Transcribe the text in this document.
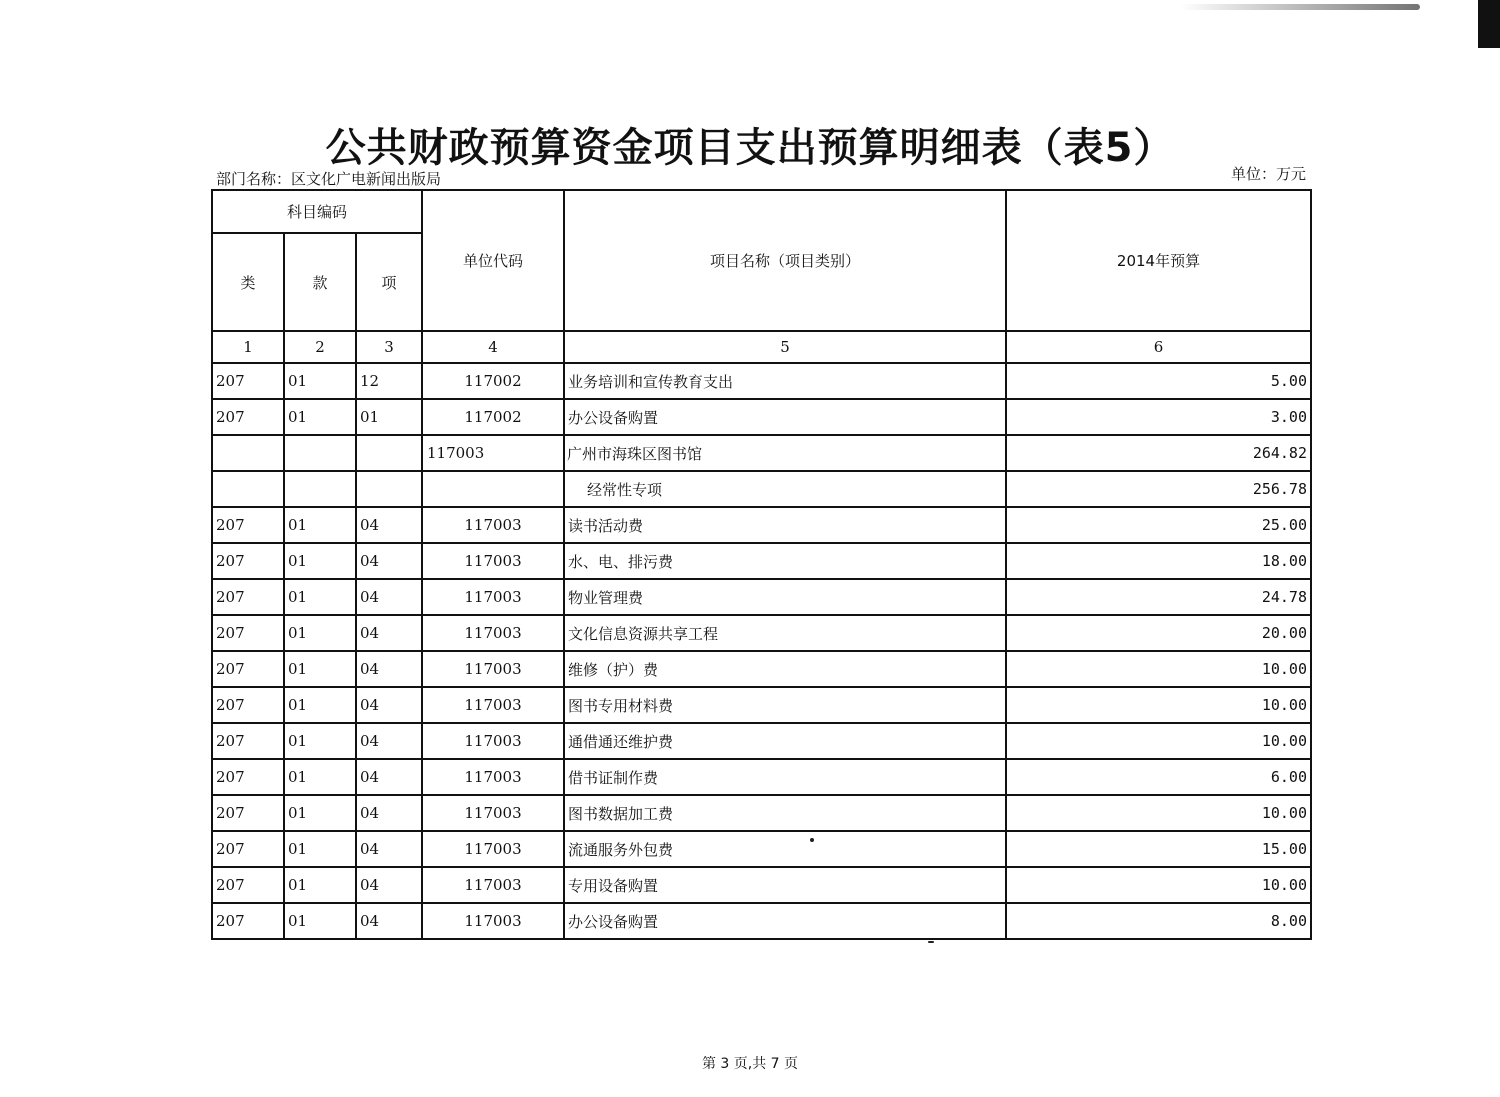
公共财政预算资金项目支出预算明细表（表5）
部门名称：区文化广电新闻出版局	单位：万元
科目编码			单位代码	项目名称（项目类别）	2014年预算
类	款	项			
1	2	3	4	5	6
207	01	12	117002	业务培训和宣传教育支出	5.00
207	01	01	117002	办公设备购置	3.00
			117003	广州市海珠区图书馆	264.82
				经常性专项	256.78
207	01	04	117003	读书活动费	25.00
207	01	04	117003	水、电、排污费	18.00
207	01	04	117003	物业管理费	24.78
207	01	04	117003	文化信息资源共享工程	20.00
207	01	04	117003	维修（护）费	10.00
207	01	04	117003	图书专用材料费	10.00
207	01	04	117003	通借通还维护费	10.00
207	01	04	117003	借书证制作费	6.00
207	01	04	117003	图书数据加工费	10.00
207	01	04	117003	流通服务外包费	15.00
207	01	04	117003	专用设备购置	10.00
207	01	04	117003	办公设备购置	8.00
第 3 页,共 7 页
